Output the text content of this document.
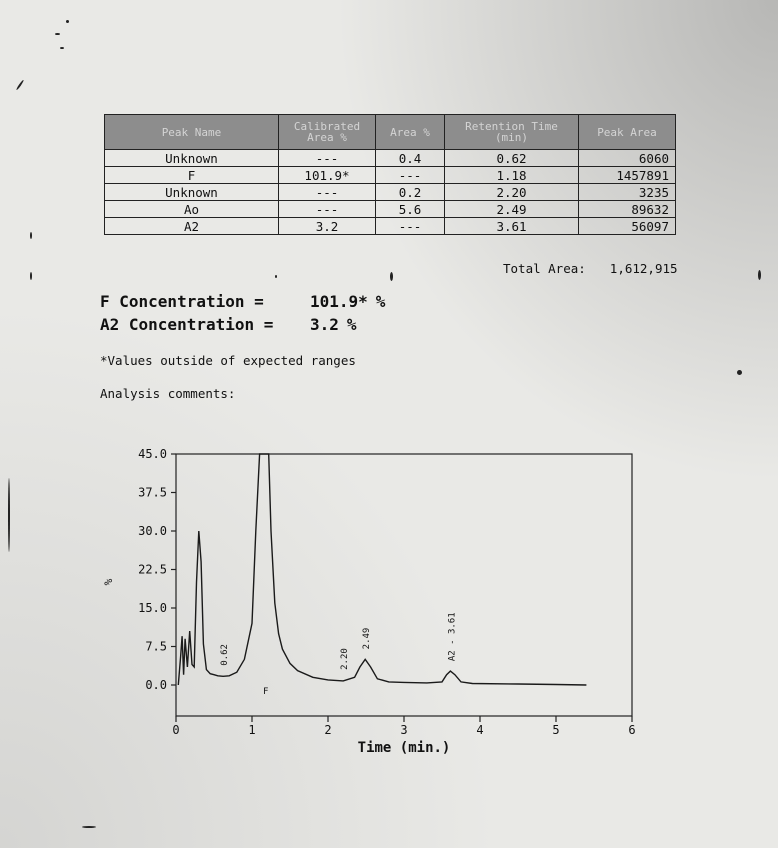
Peak Name	Calibrated Area %	Area %	Retention Time (min)	Peak Area
Unknown	---	0.4	0.62	6060
F	101.9*	---	1.18	1457891
Unknown	---	0.2	2.20	3235
Ao	---	5.6	2.49	89632
A2	3.2	---	3.61	56097
Total Area: 1,612,915
F Concentration =	101.9* %
A2 Concentration = 3.2 %
*Values outside of expected ranges
Analysis comments:
0.0
7.5
15.0
22.5
30.0
37.5
45.0
0	1	2	3	4	5	6
0.62	2.20
2.49	A2 - 3.61
F
Time (min.)
%
